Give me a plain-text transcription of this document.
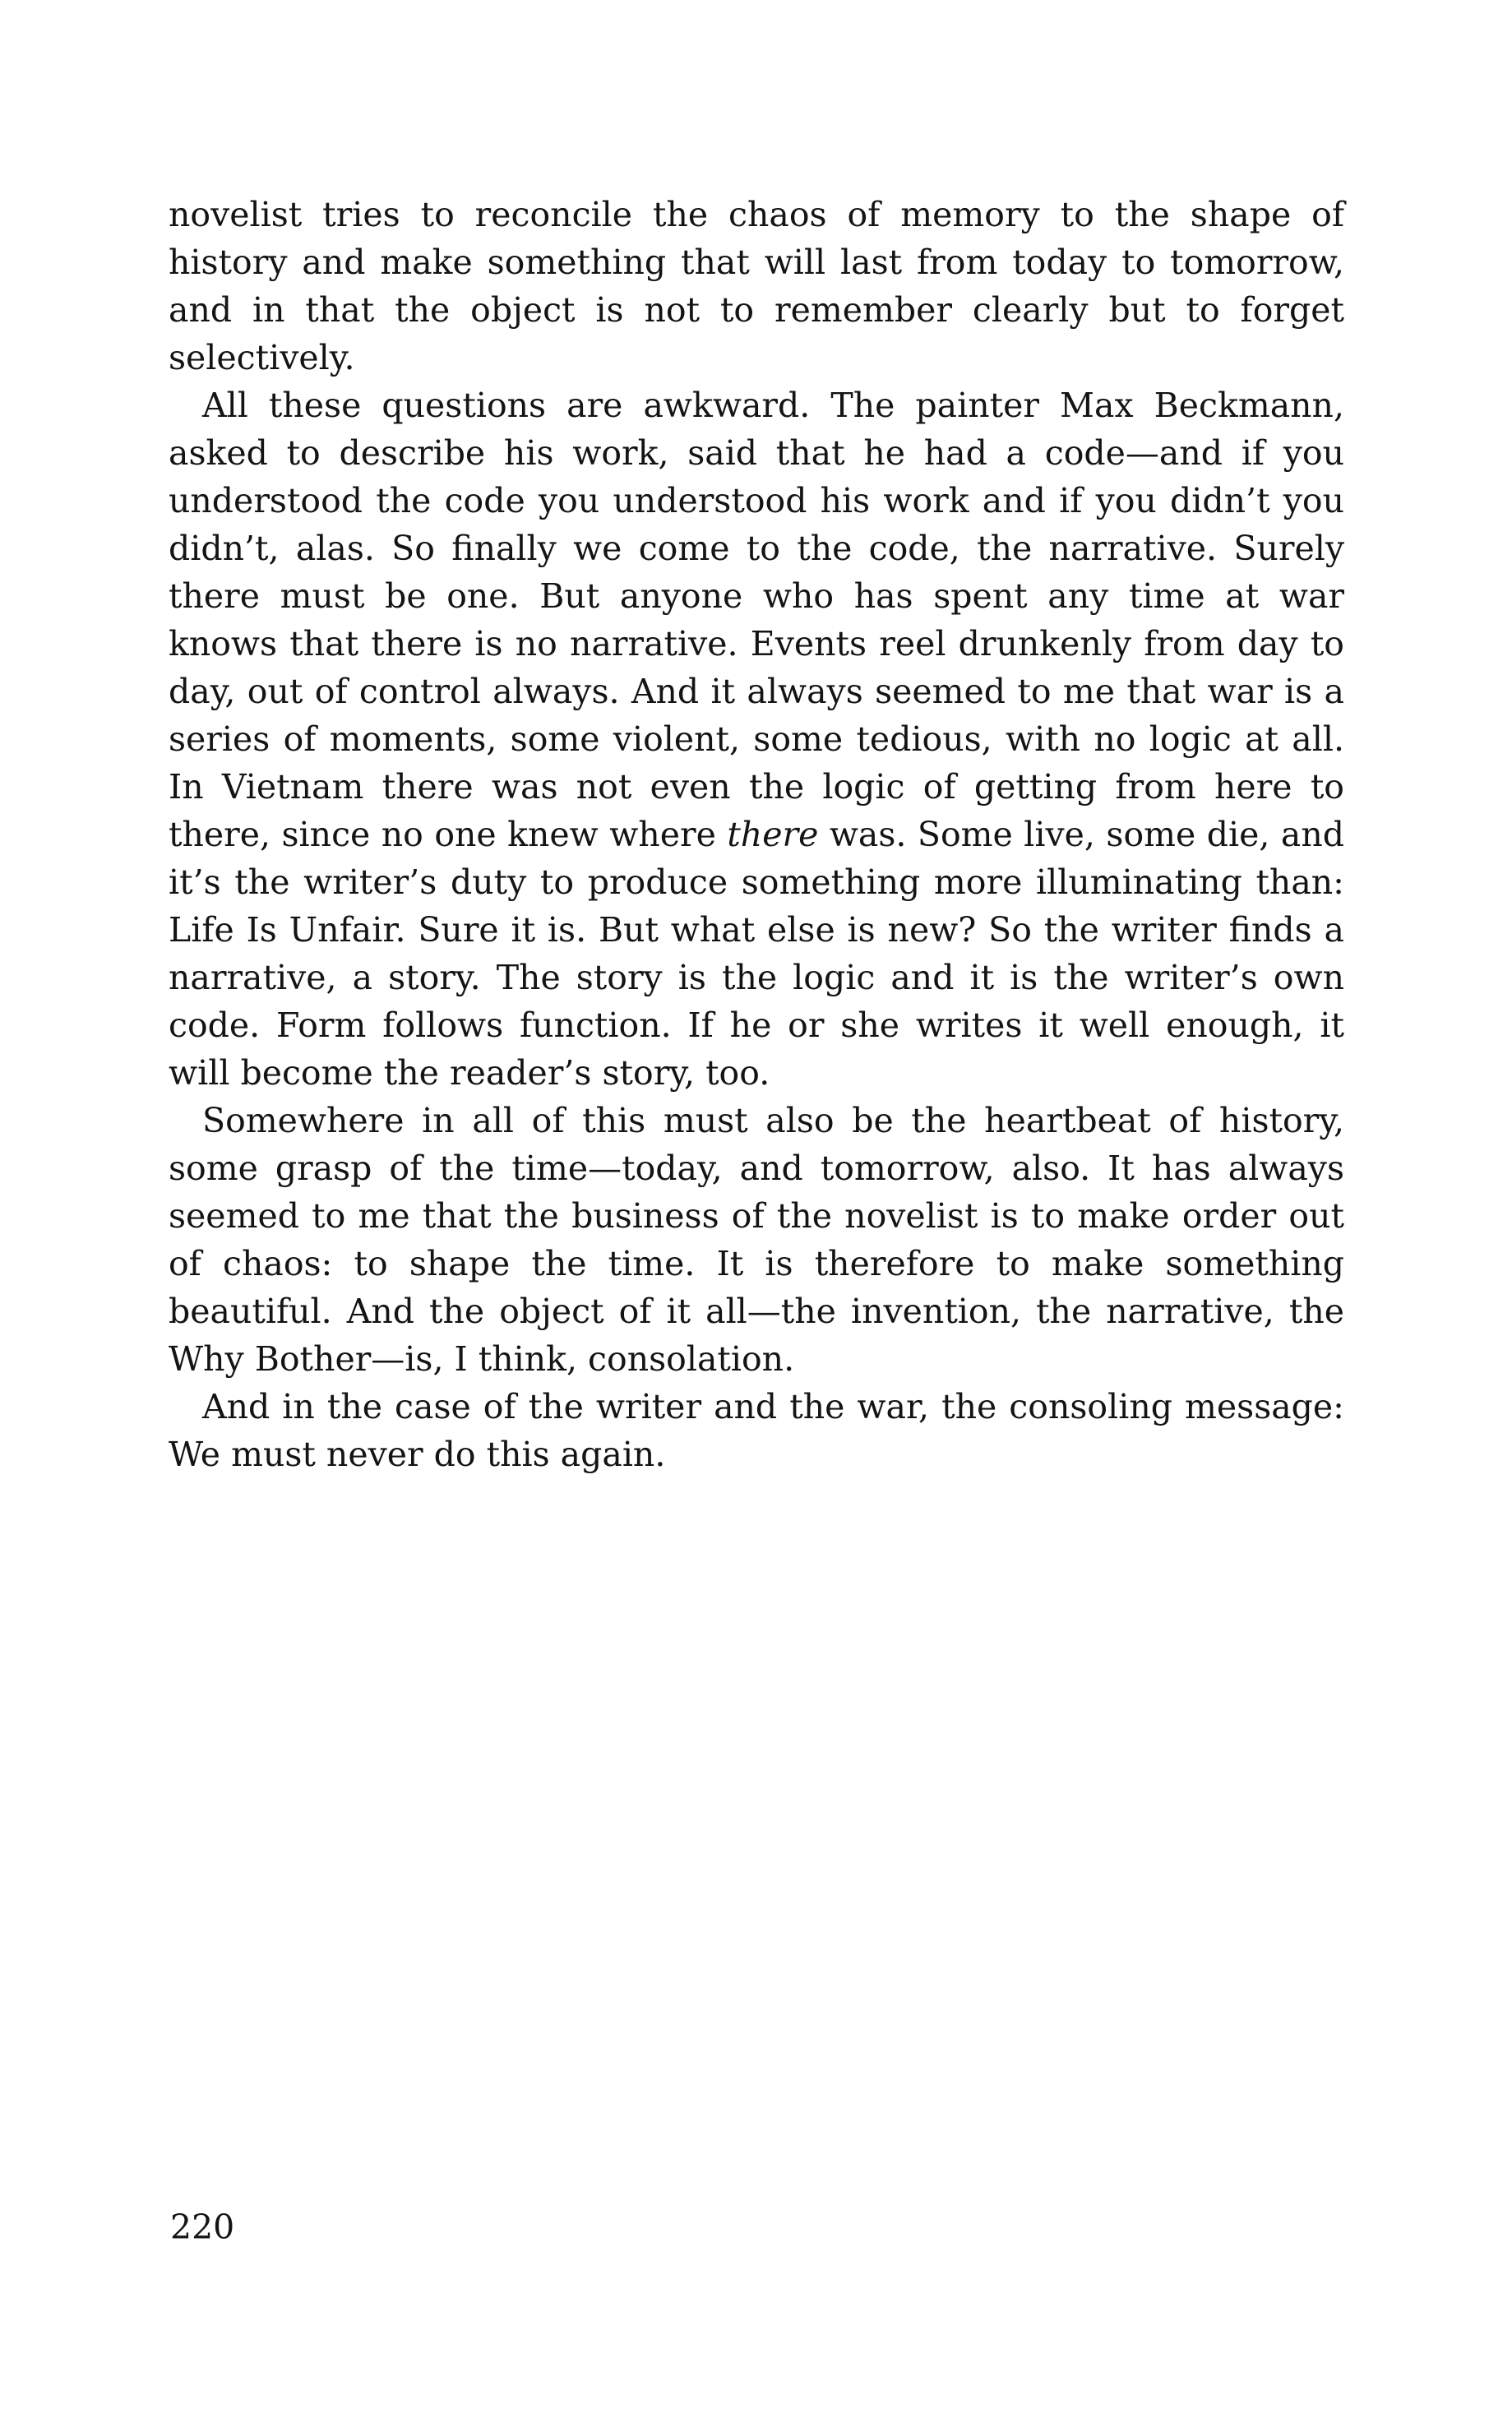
novelist tries to reconcile the chaos of memory to the shape of history and make something that will last from today to tomorrow, and in that the object is not to remember clearly but to forget selectively.

All these questions are awkward. The painter Max Beckmann, asked to describe his work, said that he had a code—and if you understood the code you understood his work and if you didn’t you didn’t, alas. So finally we come to the code, the narrative. Surely there must be one. But anyone who has spent any time at war knows that there is no narrative. Events reel drunkenly from day to day, out of control always. And it always seemed to me that war is a series of moments, some violent, some tedious, with no logic at all. In Vietnam there was not even the logic of getting from here to there, since no one knew where there was. Some live, some die, and it’s the writer’s duty to produce something more illuminating than: Life Is Unfair. Sure it is. But what else is new? So the writer finds a narrative, a story. The story is the logic and it is the writer’s own code. Form follows function. If he or she writes it well enough, it will become the reader’s story, too.

Somewhere in all of this must also be the heartbeat of history, some grasp of the time—today, and tomorrow, also. It has always seemed to me that the business of the novelist is to make order out of chaos: to shape the time. It is therefore to make something beautiful. And the object of it all—the invention, the narrative, the Why Bother—is, I think, consolation.

And in the case of the writer and the war, the consoling message: We must never do this again.

220
